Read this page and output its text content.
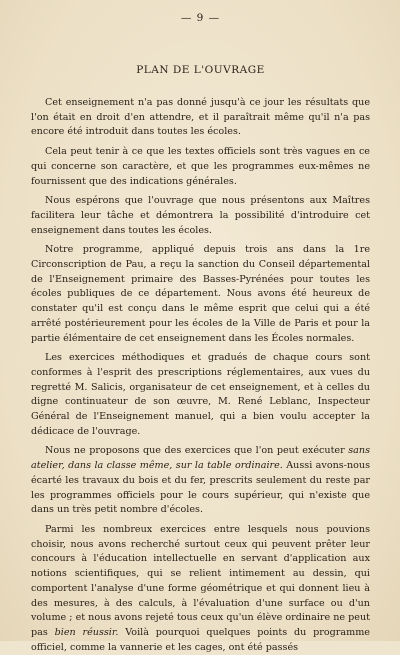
— 9 —
PLAN DE L'OUVRAGE

Cet enseignement n'a pas donné jusqu'à ce jour les résultats que l'on était en droit d'en attendre, et il paraîtrait même qu'il n'a pas encore été introduit dans toutes les écoles.

Cela peut tenir à ce que les textes officiels sont très vagues en ce qui concerne son caractère, et que les programmes eux-mêmes ne fournissent que des indications générales.

Nous espérons que l'ouvrage que nous présentons aux Maîtres facilitera leur tâche et démontrera la possibilité d'introduire cet enseignement dans toutes les écoles.

Notre programme, appliqué depuis trois ans dans la 1re Circonscription de Pau, a reçu la sanction du Conseil départemental de l'Enseignement primaire des Basses-Pyrénées pour toutes les écoles publiques de ce département. Nous avons été heureux de constater qu'il est conçu dans le même esprit que celui qui a été arrêté postérieurement pour les écoles de la Ville de Paris et pour la partie élémentaire de cet enseignement dans les Écoles normales.

Les exercices méthodiques et gradués de chaque cours sont conformes à l'esprit des prescriptions réglementaires, aux vues du regretté M. Salicis, organisateur de cet enseignement, et à celles du digne continuateur de son œuvre, M. René Leblanc, Inspecteur Général de l'Enseignement manuel, qui a bien voulu accepter la dédicace de l'ouvrage.

Nous ne proposons que des exercices que l'on peut exécuter sans atelier, dans la classe même, sur la table ordinaire. Aussi avons-nous écarté les travaux du bois et du fer, prescrits seulement du reste par les programmes officiels pour le cours supérieur, qui n'existe que dans un très petit nombre d'écoles.

Parmi les nombreux exercices entre lesquels nous pouvions choisir, nous avons recherché surtout ceux qui peuvent prêter leur concours à l'éducation intellectuelle en servant d'application aux notions scientifiques, qui se relient intimement au dessin, qui comportent l'analyse d'une forme géométrique et qui donnent lieu à des mesures, à des calculs, à l'évaluation d'une surface ou d'un volume ; et nous avons rejeté tous ceux qu'un élève ordinaire ne peut pas bien réussir. Voilà pourquoi quelques points du programme officiel, comme la vannerie et les cages, ont été passés
